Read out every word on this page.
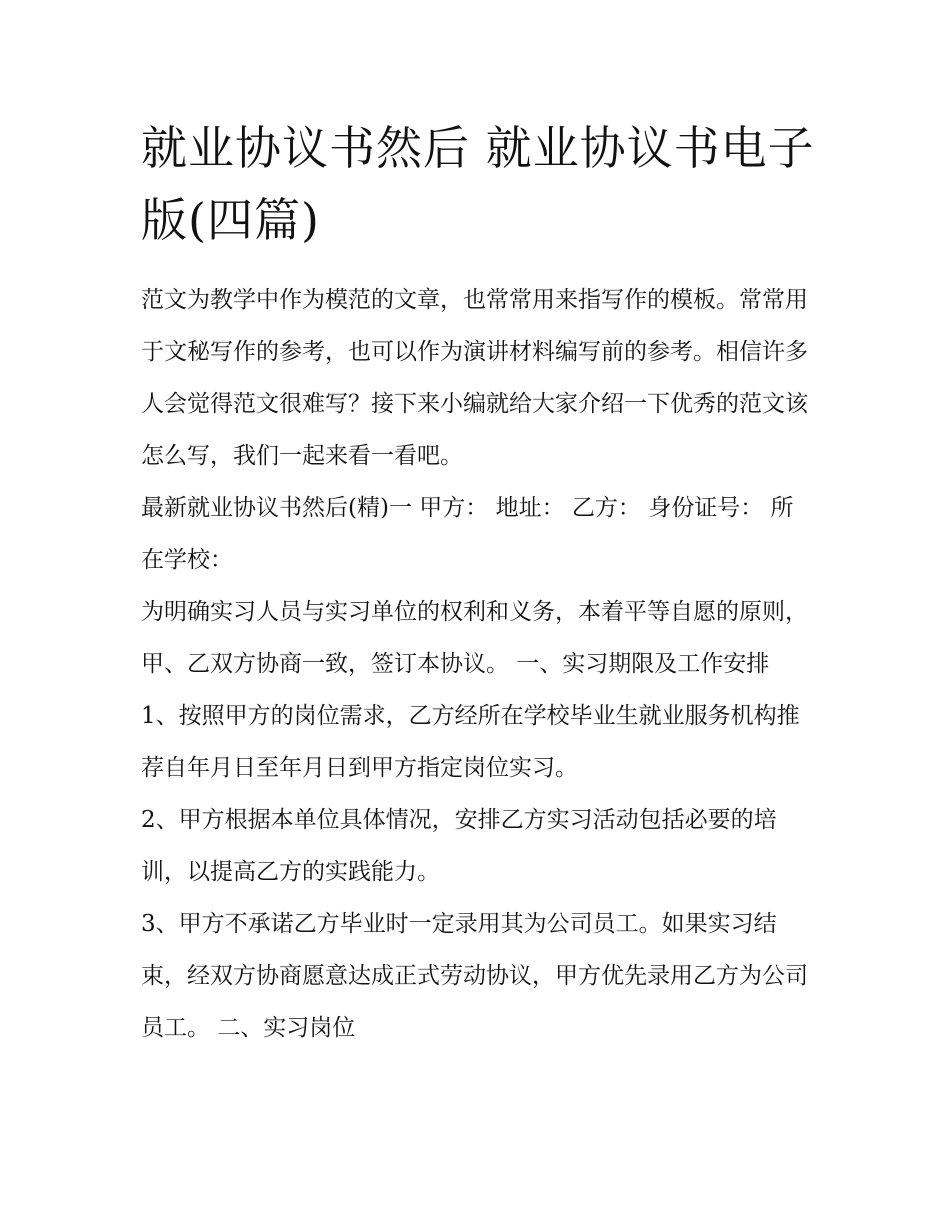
就业协议书然后 就业协议书电子版(四篇)

范文为教学中作为模范的文章，也常常用来指写作的模板。常常用于文秘写作的参考，也可以作为演讲材料编写前的参考。相信许多人会觉得范文很难写？接下来小编就给大家介绍一下优秀的范文该怎么写，我们一起来看一看吧。

最新就业协议书然后(精)一 甲方： 地址： 乙方： 身份证号： 所在学校：

为明确实习人员与实习单位的权利和义务，本着平等自愿的原则，甲、乙双方协商一致，签订本协议。 一、实习期限及工作安排

1、按照甲方的岗位需求，乙方经所在学校毕业生就业服务机构推荐自年月日至年月日到甲方指定岗位实习。

2、甲方根据本单位具体情况，安排乙方实习活动包括必要的培训，以提高乙方的实践能力。

3、甲方不承诺乙方毕业时一定录用其为公司员工。如果实习结束，经双方协商愿意达成正式劳动协议，甲方优先录用乙方为公司员工。 二、实习岗位
